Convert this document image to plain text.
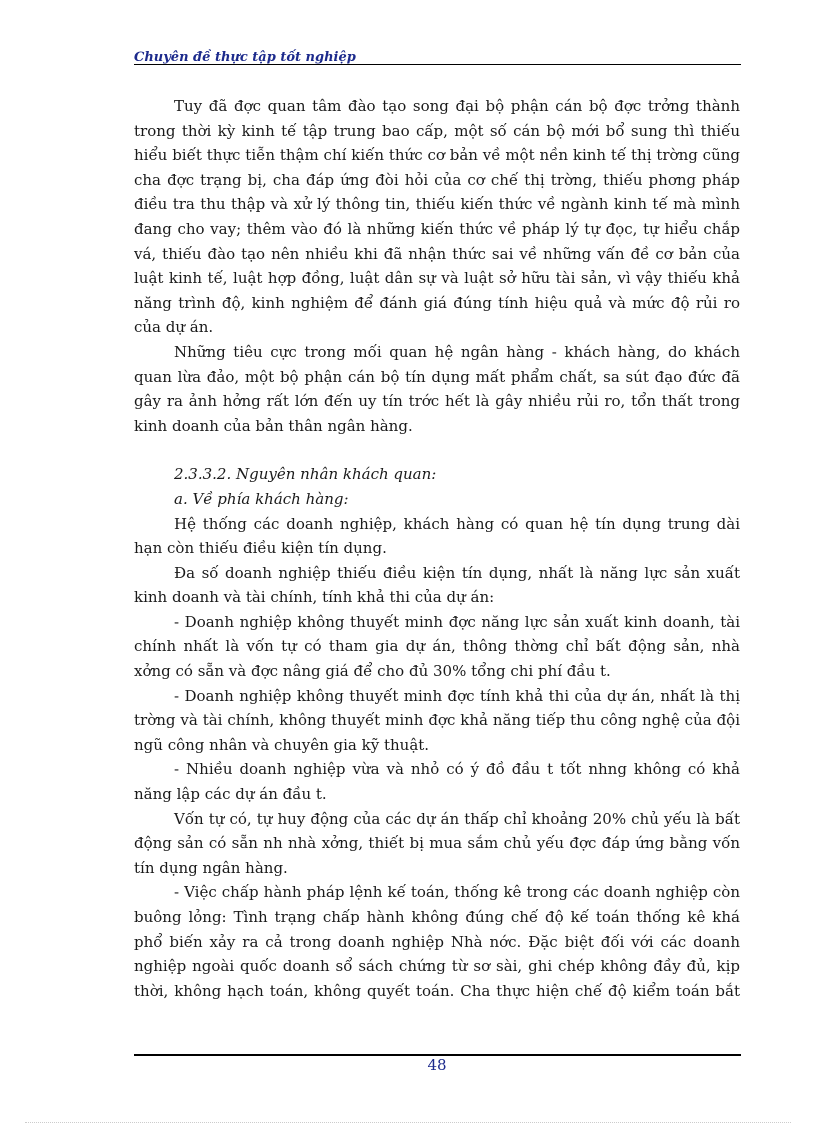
Chuyên đề thực tập tốt nghiệp

Tuy đã đợc quan tâm đào tạo song đại bộ phận cán bộ đợc trởng thành trong thời kỳ kinh tế tập trung bao cấp, một số cán bộ mới bổ sung thì thiếu hiểu biết thực tiễn thậm chí kiến thức cơ bản về một nền kinh tế thị trờng cũng cha đợc trạng bị, cha đáp ứng đòi hỏi của cơ chế thị trờng, thiếu phơng pháp điều tra thu thập và xử lý thông tin, thiếu kiến thức về ngành kinh tế mà mình đang cho vay; thêm vào đó là những kiến thức về pháp lý tự đọc, tự hiểu chắp vá, thiếu đào tạo nên nhiều khi đã nhận thức sai về những vấn đề cơ bản của luật kinh tế, luật hợp đồng, luật dân sự và luật sở hữu tài sản, vì vậy thiếu khả năng trình độ, kinh nghiệm để đánh giá đúng tính hiệu quả và mức độ rủi ro của dự án.

Những tiêu cực trong mối quan hệ ngân hàng - khách hàng, do khách quan lừa đảo, một bộ phận cán bộ tín dụng mất phẩm chất, sa sút đạo đức đã gây ra ảnh hởng rất lớn đến uy tín trớc hết là gây nhiều rủi ro, tổn thất trong kinh doanh của bản thân ngân hàng.

2.3.3.2. Nguyên nhân khách quan:

a. Về phía khách hàng:

Hệ thống các doanh nghiệp, khách hàng có quan hệ tín dụng trung dài hạn còn thiếu điều kiện tín dụng.

Đa số doanh nghiệp thiếu điều kiện tín dụng, nhất là năng lực sản xuất kinh doanh và tài chính, tính khả thi của dự án:

- Doanh nghiệp không thuyết minh đợc năng lực sản xuất kinh doanh, tài chính nhất là vốn tự có tham gia dự án, thông thờng chỉ bất động sản, nhà xởng có sẵn và đợc nâng giá để cho đủ 30% tổng chi phí đầu t.

- Doanh nghiệp không thuyết minh đợc tính khả thi của dự án, nhất là thị trờng và tài chính, không thuyết minh đợc khả năng tiếp thu công nghệ của đội ngũ công nhân và chuyên gia kỹ thuật.

- Nhiều doanh nghiệp vừa và nhỏ có ý đồ đầu t tốt nhng không có khả năng lập các dự án đầu t.

Vốn tự có, tự huy động của các dự án thấp chỉ khoảng 20% chủ yếu là bất động sản có sẵn nh nhà xởng, thiết bị mua sắm chủ yếu đợc đáp ứng bằng vốn tín dụng ngân hàng.

- Việc chấp hành pháp lệnh kế toán, thống kê trong các doanh nghiệp còn buông lỏng: Tình trạng chấp hành không đúng chế độ kế toán thống kê khá phổ biến xảy ra cả trong doanh nghiệp Nhà nớc. Đặc biệt đối với các doanh nghiệp ngoài quốc doanh sổ sách chứng từ sơ sài, ghi chép không đầy đủ, kịp thời, không hạch toán, không quyết toán. Cha thực hiện chế độ kiểm toán bắt

48
